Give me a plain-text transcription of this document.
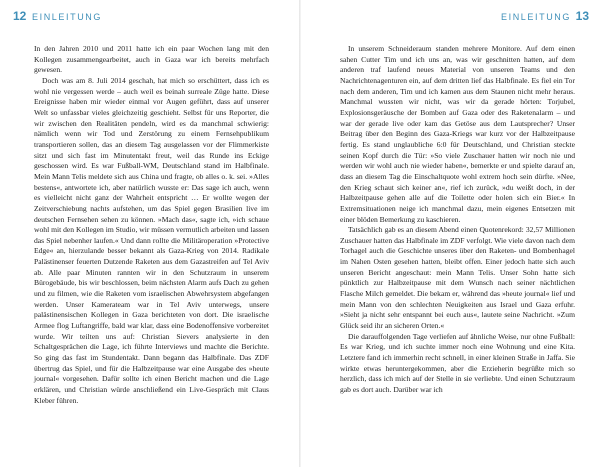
12 EINLEITUNG

In den Jahren 2010 und 2011 hatte ich ein paar Wochen lang mit den Kollegen zusammengearbeitet, auch in Gaza war ich bereits mehrfach gewesen.

Doch was am 8. Juli 2014 geschah, hat mich so erschüttert, dass ich es wohl nie vergessen werde – auch weil es beinah surreale Züge hatte. Diese Ereignisse haben mir wieder einmal vor Augen geführt, dass auf unserer Welt so unfassbar vieles gleichzeitig geschieht. Selbst für uns Reporter, die wir zwischen den Realitäten pendeln, wird es da manchmal schwierig: nämlich wenn wir Tod und Zerstörung zu einem Fernsehpublikum transportieren sollen, das an diesem Tag ausgelassen vor der Flimmerkiste sitzt und sich fast im Minutentakt freut, weil das Runde ins Eckige geschossen wird. Es war Fußball-WM, Deutschland stand im Halbfinale. Mein Mann Telis meldete sich aus China und fragte, ob alles o. k. sei. »Alles bestens«, antwortete ich, aber natürlich wusste er: Das sage ich auch, wenn es vielleicht nicht ganz der Wahrheit entspricht … Er wollte wegen der Zeitverschiebung nachts aufstehen, um das Spiel gegen Brasilien live im deutschen Fernsehen sehen zu können. »Mach das«, sagte ich, »ich schaue wohl mit den Kollegen im Studio, wir müssen vermutlich arbeiten und lassen das Spiel nebenher laufen.« Und dann rollte die Militäroperation »Protective Edge« an, hierzulande besser bekannt als Gaza-Krieg von 2014. Radikale Palästinenser feuerten Dutzende Raketen aus dem Gazastreifen auf Tel Aviv ab. Alle paar Minuten rannten wir in den Schutzraum in unserem Bürogebäude, bis wir beschlossen, beim nächsten Alarm aufs Dach zu gehen und zu filmen, wie die Raketen vom israelischen Abwehrsystem abgefangen werden. Unser Kamerateam war in Tel Aviv unterwegs, unsere palästinensischen Kollegen in Gaza berichteten von dort. Die israelische Armee flog Luftangriffe, bald war klar, dass eine Bodenoffensive vorbereitet wurde. Wir teilten uns auf: Christian Sievers analysierte in den Schaltgesprächen die Lage, ich führte Interviews und machte die Berichte. So ging das fast im Stundentakt. Dann begann das Halbfinale. Das ZDF übertrug das Spiel, und für die Halbzeitpause war eine Ausgabe des »heute journal« vorgesehen. Dafür sollte ich einen Bericht machen und die Lage erklären, und Christian würde anschließend ein Live-Gespräch mit Claus Kleber führen.

EINLEITUNG 13

In unserem Schneideraum standen mehrere Monitore. Auf dem einen sahen Cutter Tim und ich uns an, was wir geschnitten hatten, auf dem anderen traf laufend neues Material von unseren Teams und den Nachrichtenagenturen ein, auf dem dritten lief das Halbfinale. Es fiel ein Tor nach dem anderen, Tim und ich kamen aus dem Staunen nicht mehr heraus. Manchmal wussten wir nicht, was wir da gerade hörten: Torjubel, Explosionsgeräusche der Bomben auf Gaza oder des Raketenalarm – und war der gerade live oder kam das Getöse aus dem Lautsprecher? Unser Beitrag über den Beginn des Gaza-Kriegs war kurz vor der Halbzeitpause fertig. Es stand unglaubliche 6:0 für Deutschland, und Christian steckte seinen Kopf durch die Tür: »So viele Zuschauer hatten wir noch nie und werden wir wohl auch nie wieder haben«, bemerkte er und spielte darauf an, dass an diesem Tag die Einschaltquote wohl extrem hoch sein dürfte. »Nee, den Krieg schaut sich keiner an«, rief ich zurück, »du weißt doch, in der Halbzeitpause gehen alle auf die Toilette oder holen sich ein Bier.« In Extremsituationen neige ich manchmal dazu, mein eigenes Entsetzen mit einer blöden Bemerkung zu kaschieren.

Tatsächlich gab es an diesem Abend einen Quotenrekord: 32,57 Millionen Zuschauer hatten das Halbfinale im ZDF verfolgt. Wie viele davon nach dem Torhagel auch die Geschichte unseres über den Raketen- und Bombenhagel im Nahen Osten gesehen hatten, bleibt offen. Einer jedoch hatte sich auch unseren Bericht angeschaut: mein Mann Telis. Unser Sohn hatte sich pünktlich zur Halbzeitpause mit dem Wunsch nach seiner nächtlichen Flasche Milch gemeldet. Die bekam er, während das »heute journal« lief und mein Mann von den schlechten Neuigkeiten aus Israel und Gaza erfuhr. »Sieht ja nicht sehr entspannt bei euch aus«, lautete seine Nachricht. »Zum Glück seid ihr an sicheren Orten.«

Die darauffolgenden Tage verliefen auf ähnliche Weise, nur ohne Fußball: Es war Krieg, und ich suchte immer noch eine Wohnung und eine Kita. Letztere fand ich immerhin recht schnell, in einer kleinen Straße in Jaffa. Sie wirkte etwas heruntergekommen, aber die Erzieherin begrüßte mich so herzlich, dass ich mich auf der Stelle in sie verliebte. Und einen Schutzraum gab es dort auch. Darüber war ich
